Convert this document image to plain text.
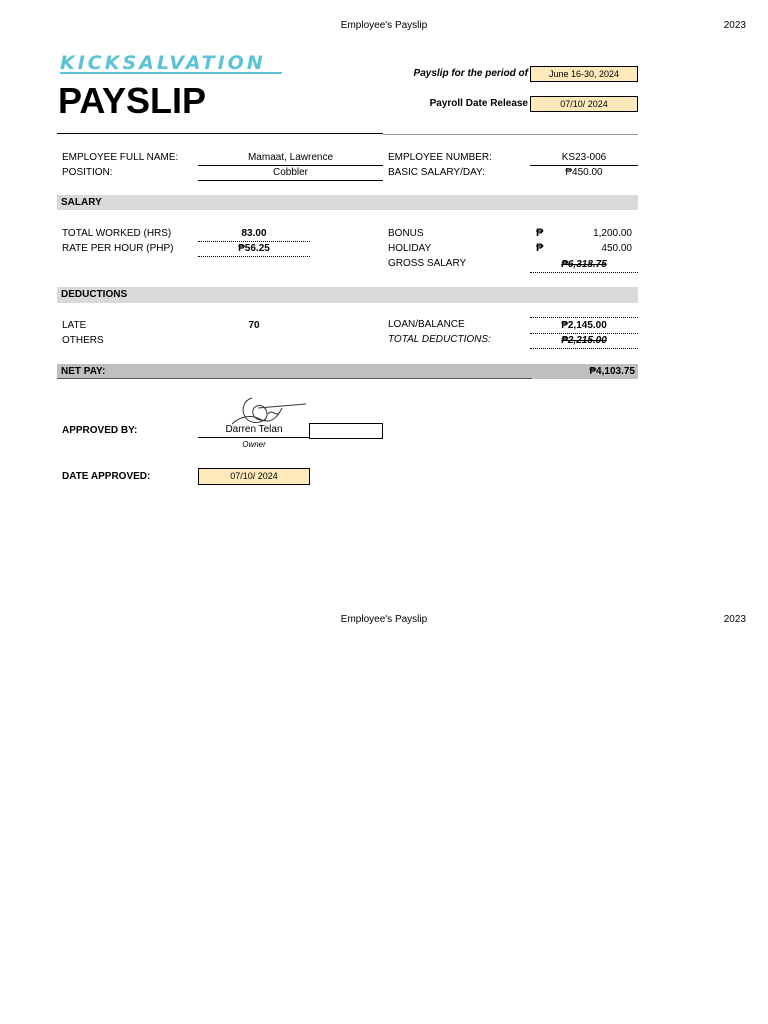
Employee's Payslip	2023
KICKSALVATION
PAYSLIP
Payslip for the period of	June 16-30, 2024
Payroll Date Release	07/10/ 2024
EMPLOYEE FULL NAME:	Mamaat, Lawrence
POSITION:	Cobbler
EMPLOYEE NUMBER:	KS23-006
BASIC SALARY/DAY:	₱450.00
SALARY
TOTAL WORKED (HRS)	83.00
RATE PER HOUR (PHP)	₱56.25
BONUS	₱	1,200.00
HOLIDAY	₱	450.00
GROSS SALARY	₱6,318.75
DEDUCTIONS
LATE	70
OTHERS
LOAN/BALANCE	₱2,145.00
TOTAL DEDUCTIONS:	₱2,215.00
NET PAY:	₱4,103.75
APPROVED BY:	Darren Telan
Owner
DATE APPROVED:	07/10/ 2024
Employee's Payslip	2023
